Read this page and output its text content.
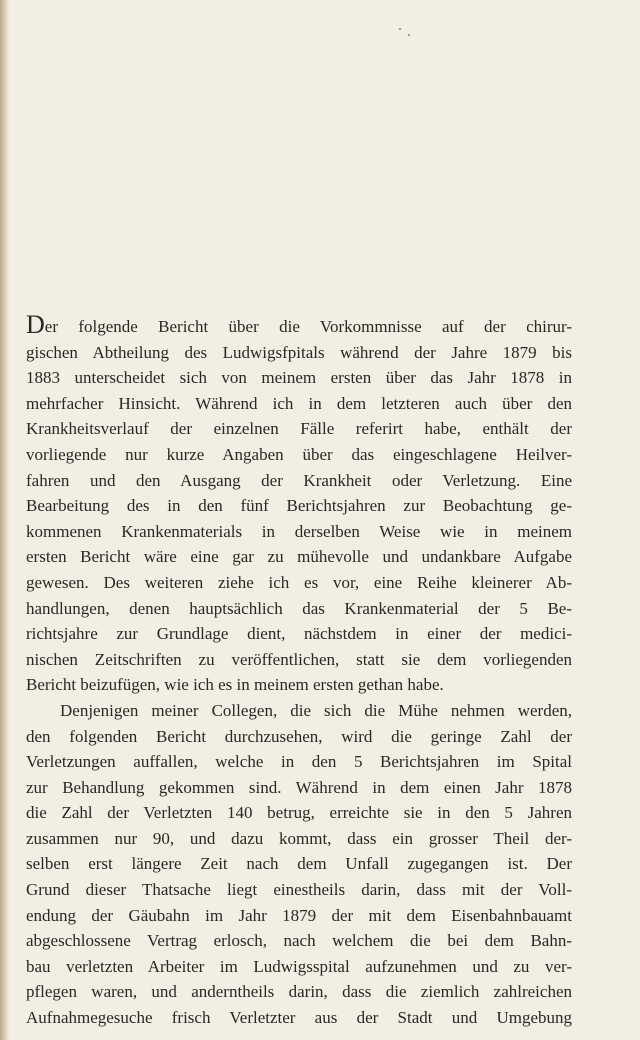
Der folgende Bericht über die Vorkommnisse auf der chirur-
gischen Abtheilung des Ludwigsfpitals während der Jahre 1879 bis
1883 unterscheidet sich von meinem ersten über das Jahr 1878 in
mehrfacher Hinsicht. Während ich in dem letzteren auch über den
Krankheitsverlauf der einzelnen Fälle referirt habe, enthält der
vorliegende nur kurze Angaben über das eingeschlagene Heilver-
fahren und den Ausgang der Krankheit oder Verletzung. Eine
Bearbeitung des in den fünf Berichtsjahren zur Beobachtung ge-
kommenen Krankenmaterials in derselben Weise wie in meinem
ersten Bericht wäre eine gar zu mühevolle und undankbare Aufgabe
gewesen. Des weiteren ziehe ich es vor, eine Reihe kleinerer Ab-
handlungen, denen hauptsächlich das Krankenmaterial der 5 Be-
richtsjahre zur Grundlage dient, nächstdem in einer der medici-
nischen Zeitschriften zu veröffentlichen, statt sie dem vorliegenden
Bericht beizufügen, wie ich es in meinem ersten gethan habe.
Denjenigen meiner Collegen, die sich die Mühe nehmen werden,
den folgenden Bericht durchzusehen, wird die geringe Zahl der
Verletzungen auffallen, welche in den 5 Berichtsjahren im Spital
zur Behandlung gekommen sind. Während in dem einen Jahr 1878
die Zahl der Verletzten 140 betrug, erreichte sie in den 5 Jahren
zusammen nur 90, und dazu kommt, dass ein grosser Theil der-
selben erst längere Zeit nach dem Unfall zugegangen ist. Der
Grund dieser Thatsache liegt einestheils darin, dass mit der Voll-
endung der Gäubahn im Jahr 1879 der mit dem Eisenbahnbauamt
abgeschlossene Vertrag erlosch, nach welchem die bei dem Bahn-
bau verletzten Arbeiter im Ludwigsspital aufzunehmen und zu ver-
pflegen waren, und anderntheils darin, dass die ziemlich zahlreichen
Aufnahmegesuche frisch Verletzter aus der Stadt und Umgebung
